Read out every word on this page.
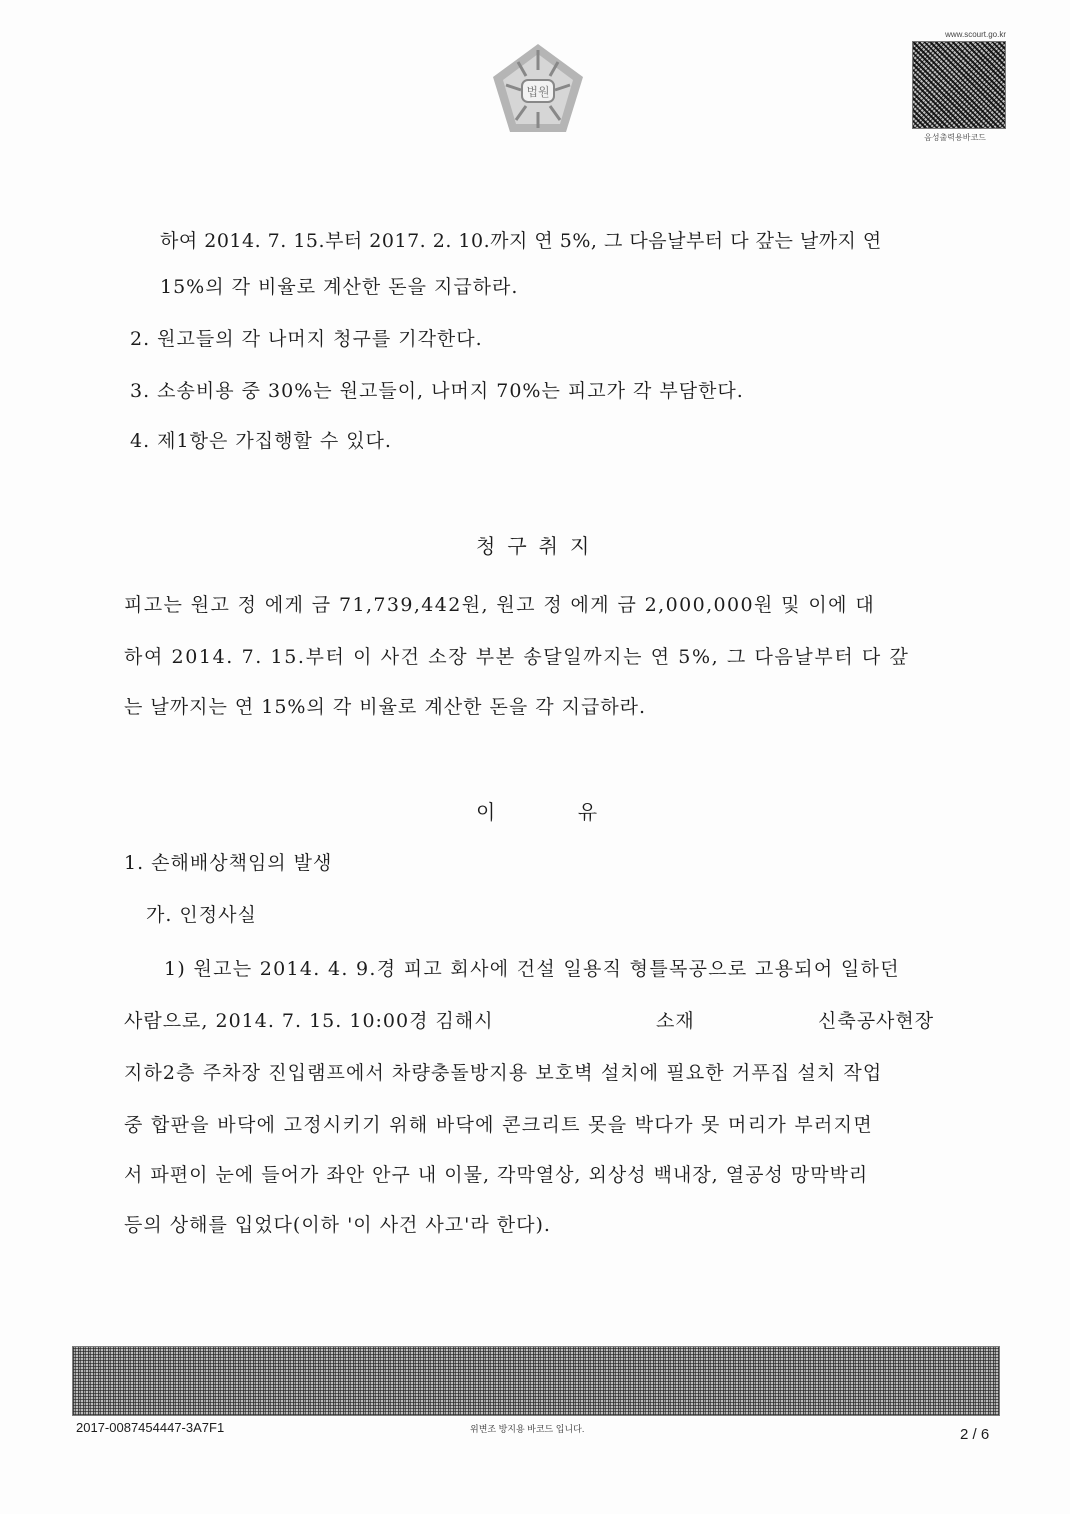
법원
www.scourt.go.kr
음성출력용바코드
하여 2014. 7. 15.부터 2017. 2. 10.까지 연 5%, 그 다음날부터 다 갚는 날까지 연
15%의 각 비율로 계산한 돈을 지급하라.
2. 원고들의 각 나머지 청구를 기각한다.
3. 소송비용 중 30%는 원고들이, 나머지 70%는 피고가 각 부담한다.
4. 제1항은 가집행할 수 있다.
청구취지
피고는 원고 정 에게 금 71,739,442원, 원고 정 에게 금 2,000,000원 및 이에 대
하여 2014. 7. 15.부터 이 사건 소장 부본 송달일까지는 연 5%, 그 다음날부터 다 갚
는 날까지는 연 15%의 각 비율로 계산한 돈을 각 지급하라.
이	유
1. 손해배상책임의 발생
가. 인정사실
1) 원고는 2014. 4. 9.경 피고 회사에 건설 일용직 형틀목공으로 고용되어 일하던
사람으로, 2014. 7. 15. 10:00경 김해시	소재	신축공사현장
지하2층 주차장 진입램프에서 차량충돌방지용 보호벽 설치에 필요한 거푸집 설치 작업
중 합판을 바닥에 고정시키기 위해 바닥에 콘크리트 못을 박다가 못 머리가 부러지면
서 파편이 눈에 들어가 좌안 안구 내 이물, 각막열상, 외상성 백내장, 열공성 망막박리
등의 상해를 입었다(이하 '이 사건 사고'라 한다).
2017-0087454447-3A7F1	위변조 방지용 바코드 입니다.	2 / 6
